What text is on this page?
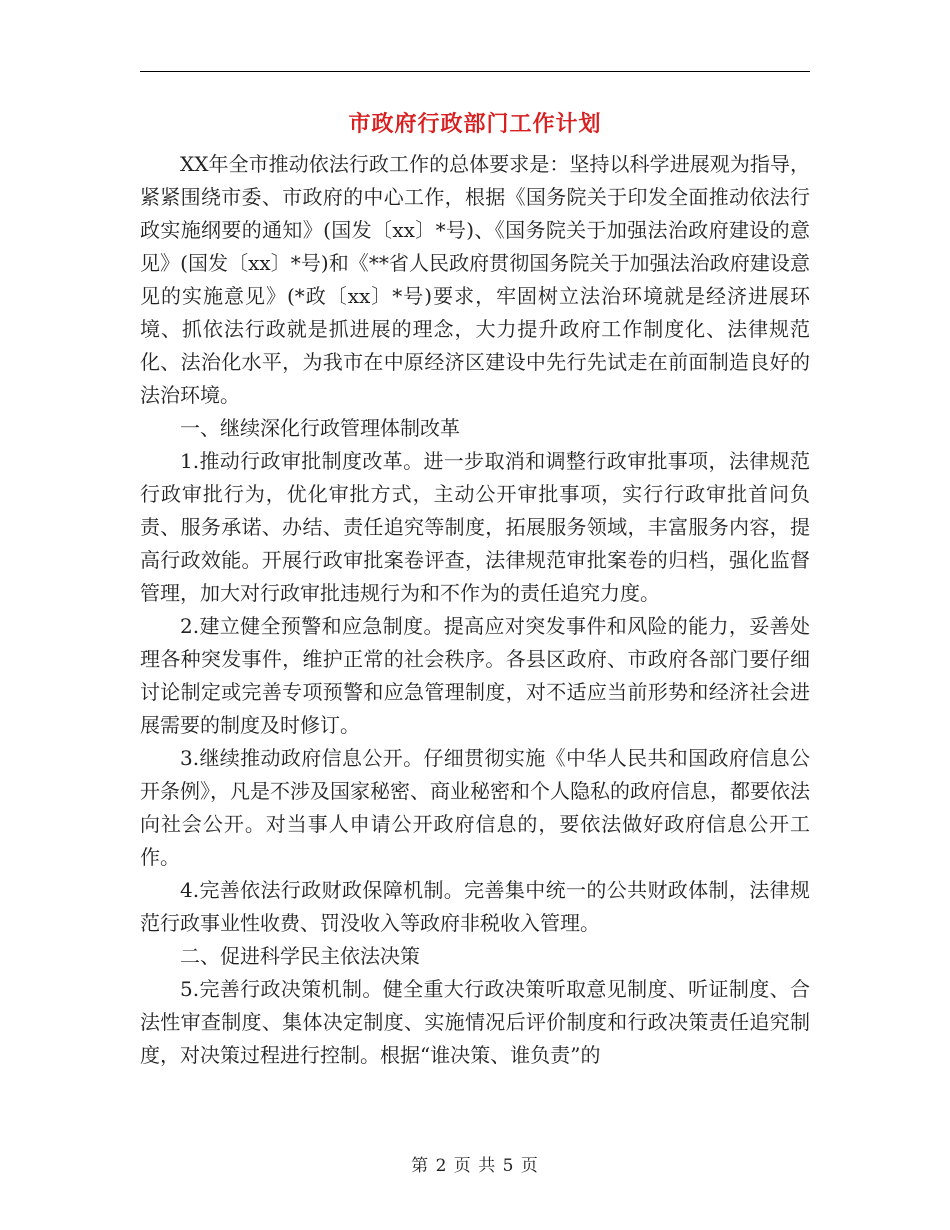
市政府行政部门工作计划

XX年全市推动依法行政工作的总体要求是：坚持以科学进展观为指导，紧紧围绕市委、市政府的中心工作，根据《国务院关于印发全面推动依法行政实施纲要的通知》(国发〔xx〕*号)、《国务院关于加强法治政府建设的意见》(国发〔xx〕*号)和《**省人民政府贯彻国务院关于加强法治政府建设意见的实施意见》(*政〔xx〕*号)要求，牢固树立法治环境就是经济进展环境、抓依法行政就是抓进展的理念，大力提升政府工作制度化、法律规范化、法治化水平，为我市在中原经济区建设中先行先试走在前面制造良好的法治环境。

一、继续深化行政管理体制改革

1.推动行政审批制度改革。进一步取消和调整行政审批事项，法律规范行政审批行为，优化审批方式，主动公开审批事项，实行行政审批首问负责、服务承诺、办结、责任追究等制度，拓展服务领域，丰富服务内容，提高行政效能。开展行政审批案卷评查，法律规范审批案卷的归档，强化监督管理，加大对行政审批违规行为和不作为的责任追究力度。

2.建立健全预警和应急制度。提高应对突发事件和风险的能力，妥善处理各种突发事件，维护正常的社会秩序。各县区政府、市政府各部门要仔细讨论制定或完善专项预警和应急管理制度，对不适应当前形势和经济社会进展需要的制度及时修订。

3.继续推动政府信息公开。仔细贯彻实施《中华人民共和国政府信息公开条例》，凡是不涉及国家秘密、商业秘密和个人隐私的政府信息，都要依法向社会公开。对当事人申请公开政府信息的，要依法做好政府信息公开工作。

4.完善依法行政财政保障机制。完善集中统一的公共财政体制，法律规范行政事业性收费、罚没收入等政府非税收入管理。

二、促进科学民主依法决策

5.完善行政决策机制。健全重大行政决策听取意见制度、听证制度、合法性审查制度、集体决定制度、实施情况后评价制度和行政决策责任追究制度，对决策过程进行控制。根据“谁决策、谁负责”的

第 2 页 共 5 页
